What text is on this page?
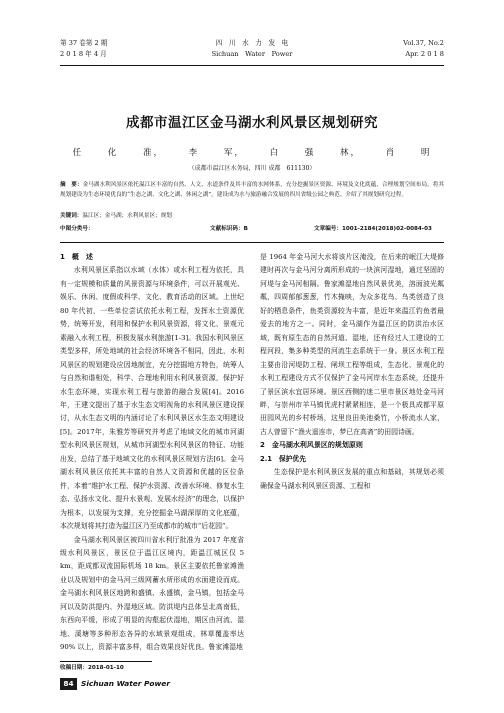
第 37 卷第 2 期
2 0 1 8 年 4 月
四　川　水　力　发　电
Sichuan　Water　Power
Vol.37, No.2
Apr. 2 0 1 8
成都市温江区金马湖水利风景区规划研究
任 化 准， 李 军， 白 强 林， 肖 明
（成都市温江区水务局，四川 成都　611130）
摘　要：金马湖水利风景区依托温江区丰富的自然、人文、水道条件及其丰富的水网体系，充分挖掘景区资源、环境及文化底蕴，合理规划空间布局，将其规划建设为生态环境优良的“生态之湖、文化之湖、休闲之湖”，建设成为水与旅游融合发展的四川省级公园之典范。介绍了其规划研究过程。
关键词：温江区；金马湖；水利风景区；规划
中图分类号：	文献标识码：B	文章编号：1001-2184(2018)02-0084-03
1　概　述

水利风景区系指以水域（水体）或水利工程为依托，具有一定规模和质量的风景资源与环境条件，可以开展观光、娱乐、休闲、度假或科学、文化、教育活动的区域。上世纪 80 年代初，一些单位尝试依托水利工程，发挥水土资源优势，统筹开发，利用和保护水利风景资源，将文化、景观元素融入水利工程，积极发展水利旅游[1-3]。我国水利风景区类型多样，所处地域的社会经济环境各不相同，因此，水利风景区的规划建设应因地制宜，充分挖掘地方特色，统筹人与自然和谐相处，科学、合理地利用水利风景资源，保护好水生态环境，实现水利工程与旅游的融合发展[4]。2016年，王建文提出了基于水生态文明视角的水利风景区建设探讨，从水生态文明的内涵讨论了水利风景区水生态文明建设[5]。2017年，朱雅芳等研究并考虑了地域文化的城市河湖型水利风景区规划，从城市河湖型水利风景区的特征、功能出发，总结了基于地域文化的水利风景区规划方法[6]。金马湖水利风景区依托其丰富的自然人文资源和优越的区位条件，本着“维护水工程、保护水资源、改善水环境、修复水生态、弘扬水文化、提升水景观、发展水经济”的理念，以保护为根本，以发展为支撑，充分挖掘金马湖深厚的文化底蕴，本次规划将其打造为温江区乃至成都市的城市“后花园”。

金马湖水利风景区被四川省水利厅批准为 2017 年度省级水利风景区，景区位于温江区境内，距温江城区仅 5 km，距成都双流国际机场 18 km。景区主要依托鲁家滩渔业以及规划中的金马河三级网蓄水所形成的水面建设而成。金马湖水利风景区地跨和盛镇、永盛镇，金马镇，包括金马河以及防洪提内、外湿地区域。防洪堤内总体呈北高南低，东西向平缓，形成了明显的沟壑起伏湿地，期区由河流、湿地、溪塘等多种形态各异的水域景观组成，林草覆盖率达 90% 以上，资源丰富多样，组合效果良好优良。鲁家滩湿地

是 1964 年金马河大水将该片区淹没，在后来的岷江大堤修建时再次与金马河分离所形成的一块滨河湿地，通过坚固的河堤与金马河相隔。鲁家滩湿地自然风景优美，溶面波光粼粼，四周郁郁葱葱，竹木掩映，为众多花鸟、鸟类创造了良好的栖息条件，鱼类资源较为丰富，是近年来温江钓鱼者最爱去的地方之一。同时，金马湖作为温江区的防洪治水区域，既有原生态的自然河道、湿地，还有经过人工建设的工程河段，集多种类型的河流生态系统于一身。景区水利工程主要由沿河堤防工程、闸坝工程等组成，生态化、景观化的水利工程建设方式不仅保护了金马河岸水生态系统，还提升了景区滨水宜居环境。景区西侧的迷二里市景区地处金马河畔，与崇州市羊马镇优虎村紧紧相连，是一个极具成都平原田园风光的乡村桥场，这里良田美池桑竹，小桥流水人家，古人曾留下“渔火遥连市，梦已在高斋”的田园诗画。

2　金马湖水利风景区的规划原则
2.1　保护优先

生态保护是水利风景区发展的重点和基础，其规划必须确保金马湖水利风景区资源、工程和

收稿日期：2018-01-10
84 Sichuan Water Power
